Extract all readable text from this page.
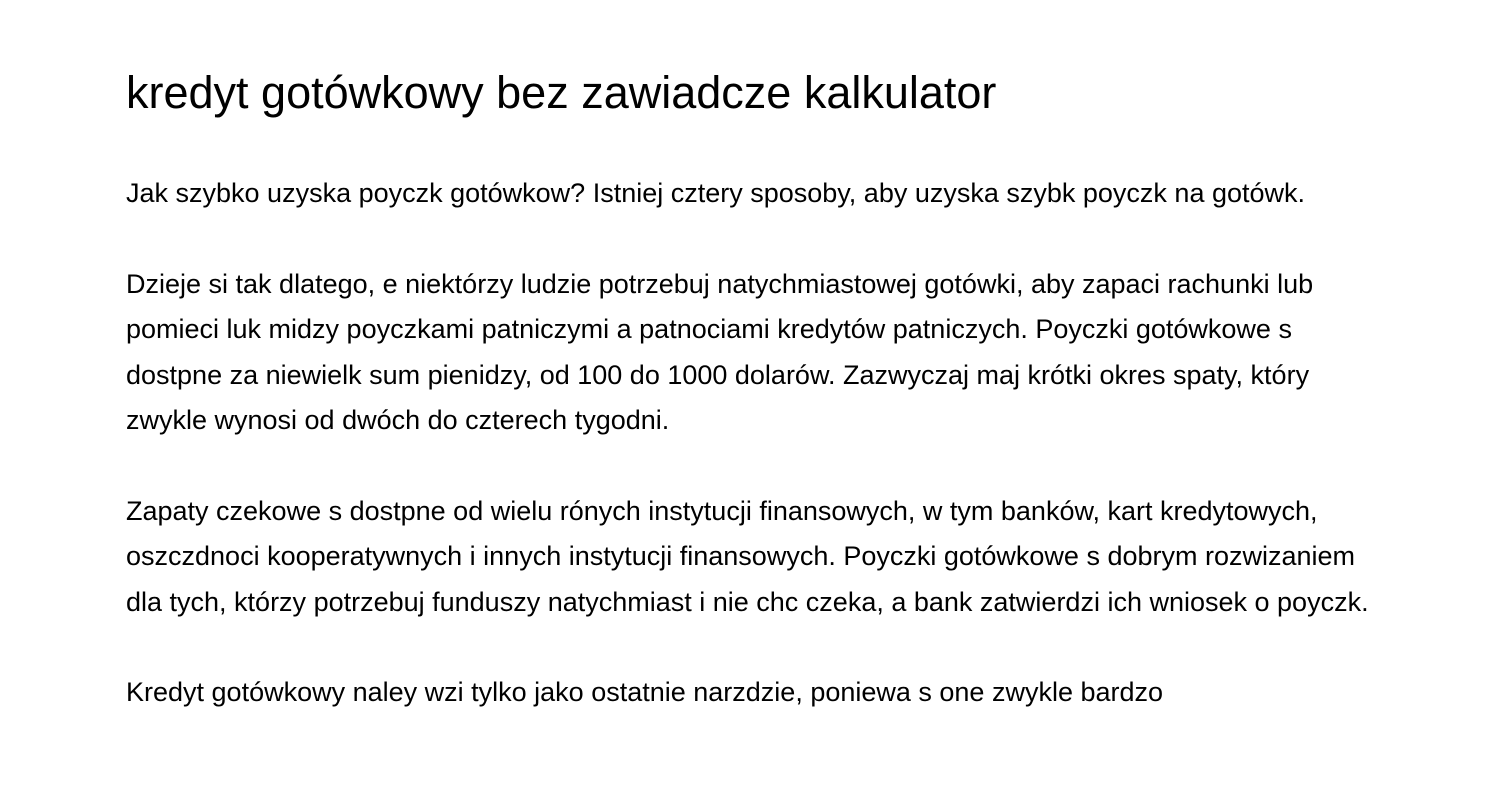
kredyt gotówkowy bez zawiadcze kalkulator

Jak szybko uzyska poyczk gotówkow? Istniej cztery sposoby, aby uzyska szybk poyczk na gotówk.

Dzieje si tak dlatego, e niektórzy ludzie potrzebuj natychmiastowej gotówki, aby zapaci rachunki lub pomieci luk midzy poyczkami patniczymi a patnociami kredytów patniczych. Poyczki gotówkowe s dostpne za niewielk sum pienidzy, od 100 do 1000 dolarów. Zazwyczaj maj krótki okres spaty, który zwykle wynosi od dwóch do czterech tygodni.

Zapaty czekowe s dostpne od wielu rónych instytucji finansowych, w tym banków, kart kredytowych, oszczdnoci kooperatywnych i innych instytucji finansowych. Poyczki gotówkowe s dobrym rozwizaniem dla tych, którzy potrzebuj funduszy natychmiast i nie chc czeka, a bank zatwierdzi ich wniosek o poyczk.

Kredyt gotówkowy naley wzi tylko jako ostatnie narzdzie, poniewa s one zwykle bardzo
